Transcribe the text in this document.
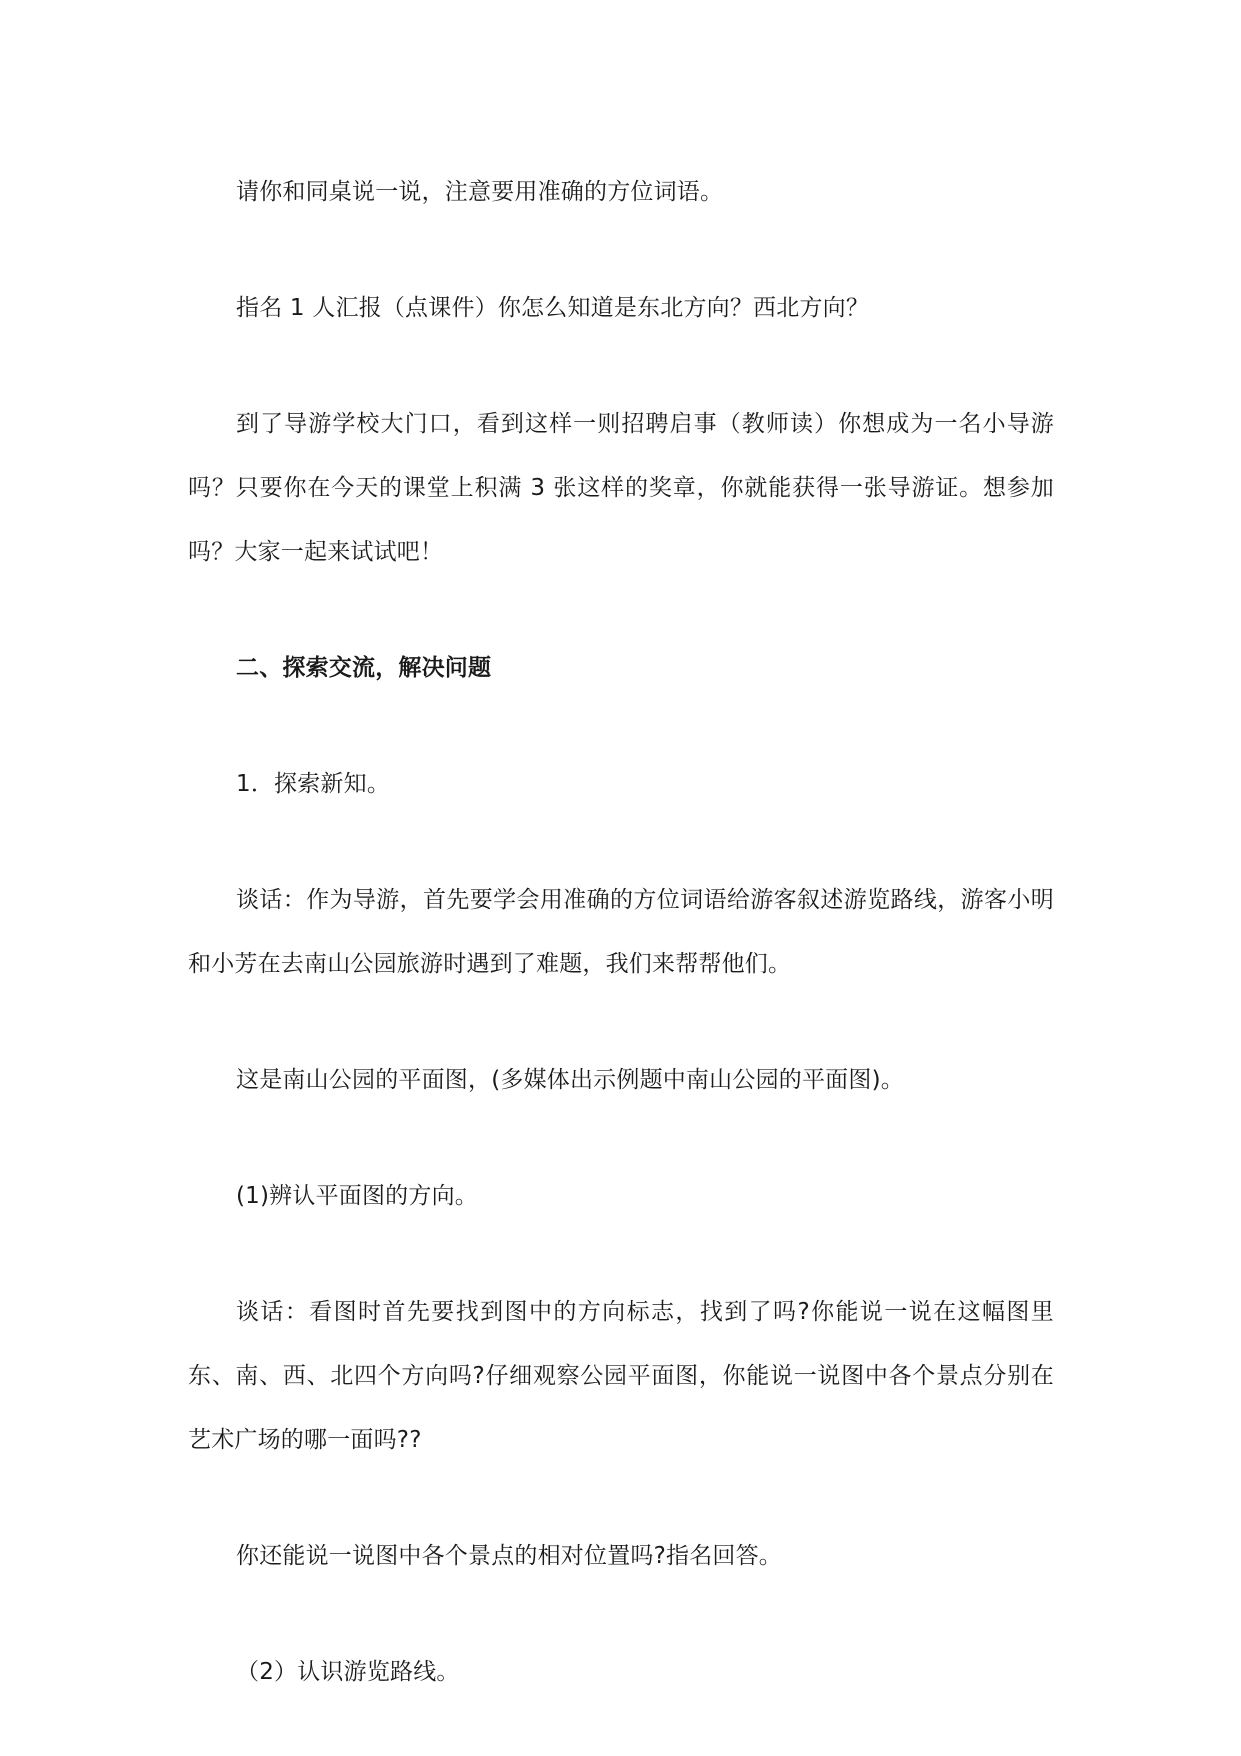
请你和同桌说一说，注意要用准确的方位词语。

指名 1 人汇报（点课件）你怎么知道是东北方向？西北方向？

到了导游学校大门口，看到这样一则招聘启事（教师读）你想成为一名小导游吗？只要你在今天的课堂上积满 3 张这样的奖章，你就能获得一张导游证。想参加吗？大家一起来试试吧！

二、探索交流，解决问题

1．探索新知。

谈话：作为导游，首先要学会用准确的方位词语给游客叙述游览路线，游客小明和小芳在去南山公园旅游时遇到了难题，我们来帮帮他们。

这是南山公园的平面图，(多媒体出示例题中南山公园的平面图)。

(1)辨认平面图的方向。

谈话：看图时首先要找到图中的方向标志，找到了吗?你能说一说在这幅图里东、南、西、北四个方向吗?仔细观察公园平面图，你能说一说图中各个景点分别在艺术广场的哪一面吗??

你还能说一说图中各个景点的相对位置吗?指名回答。

（2）认识游览路线。
